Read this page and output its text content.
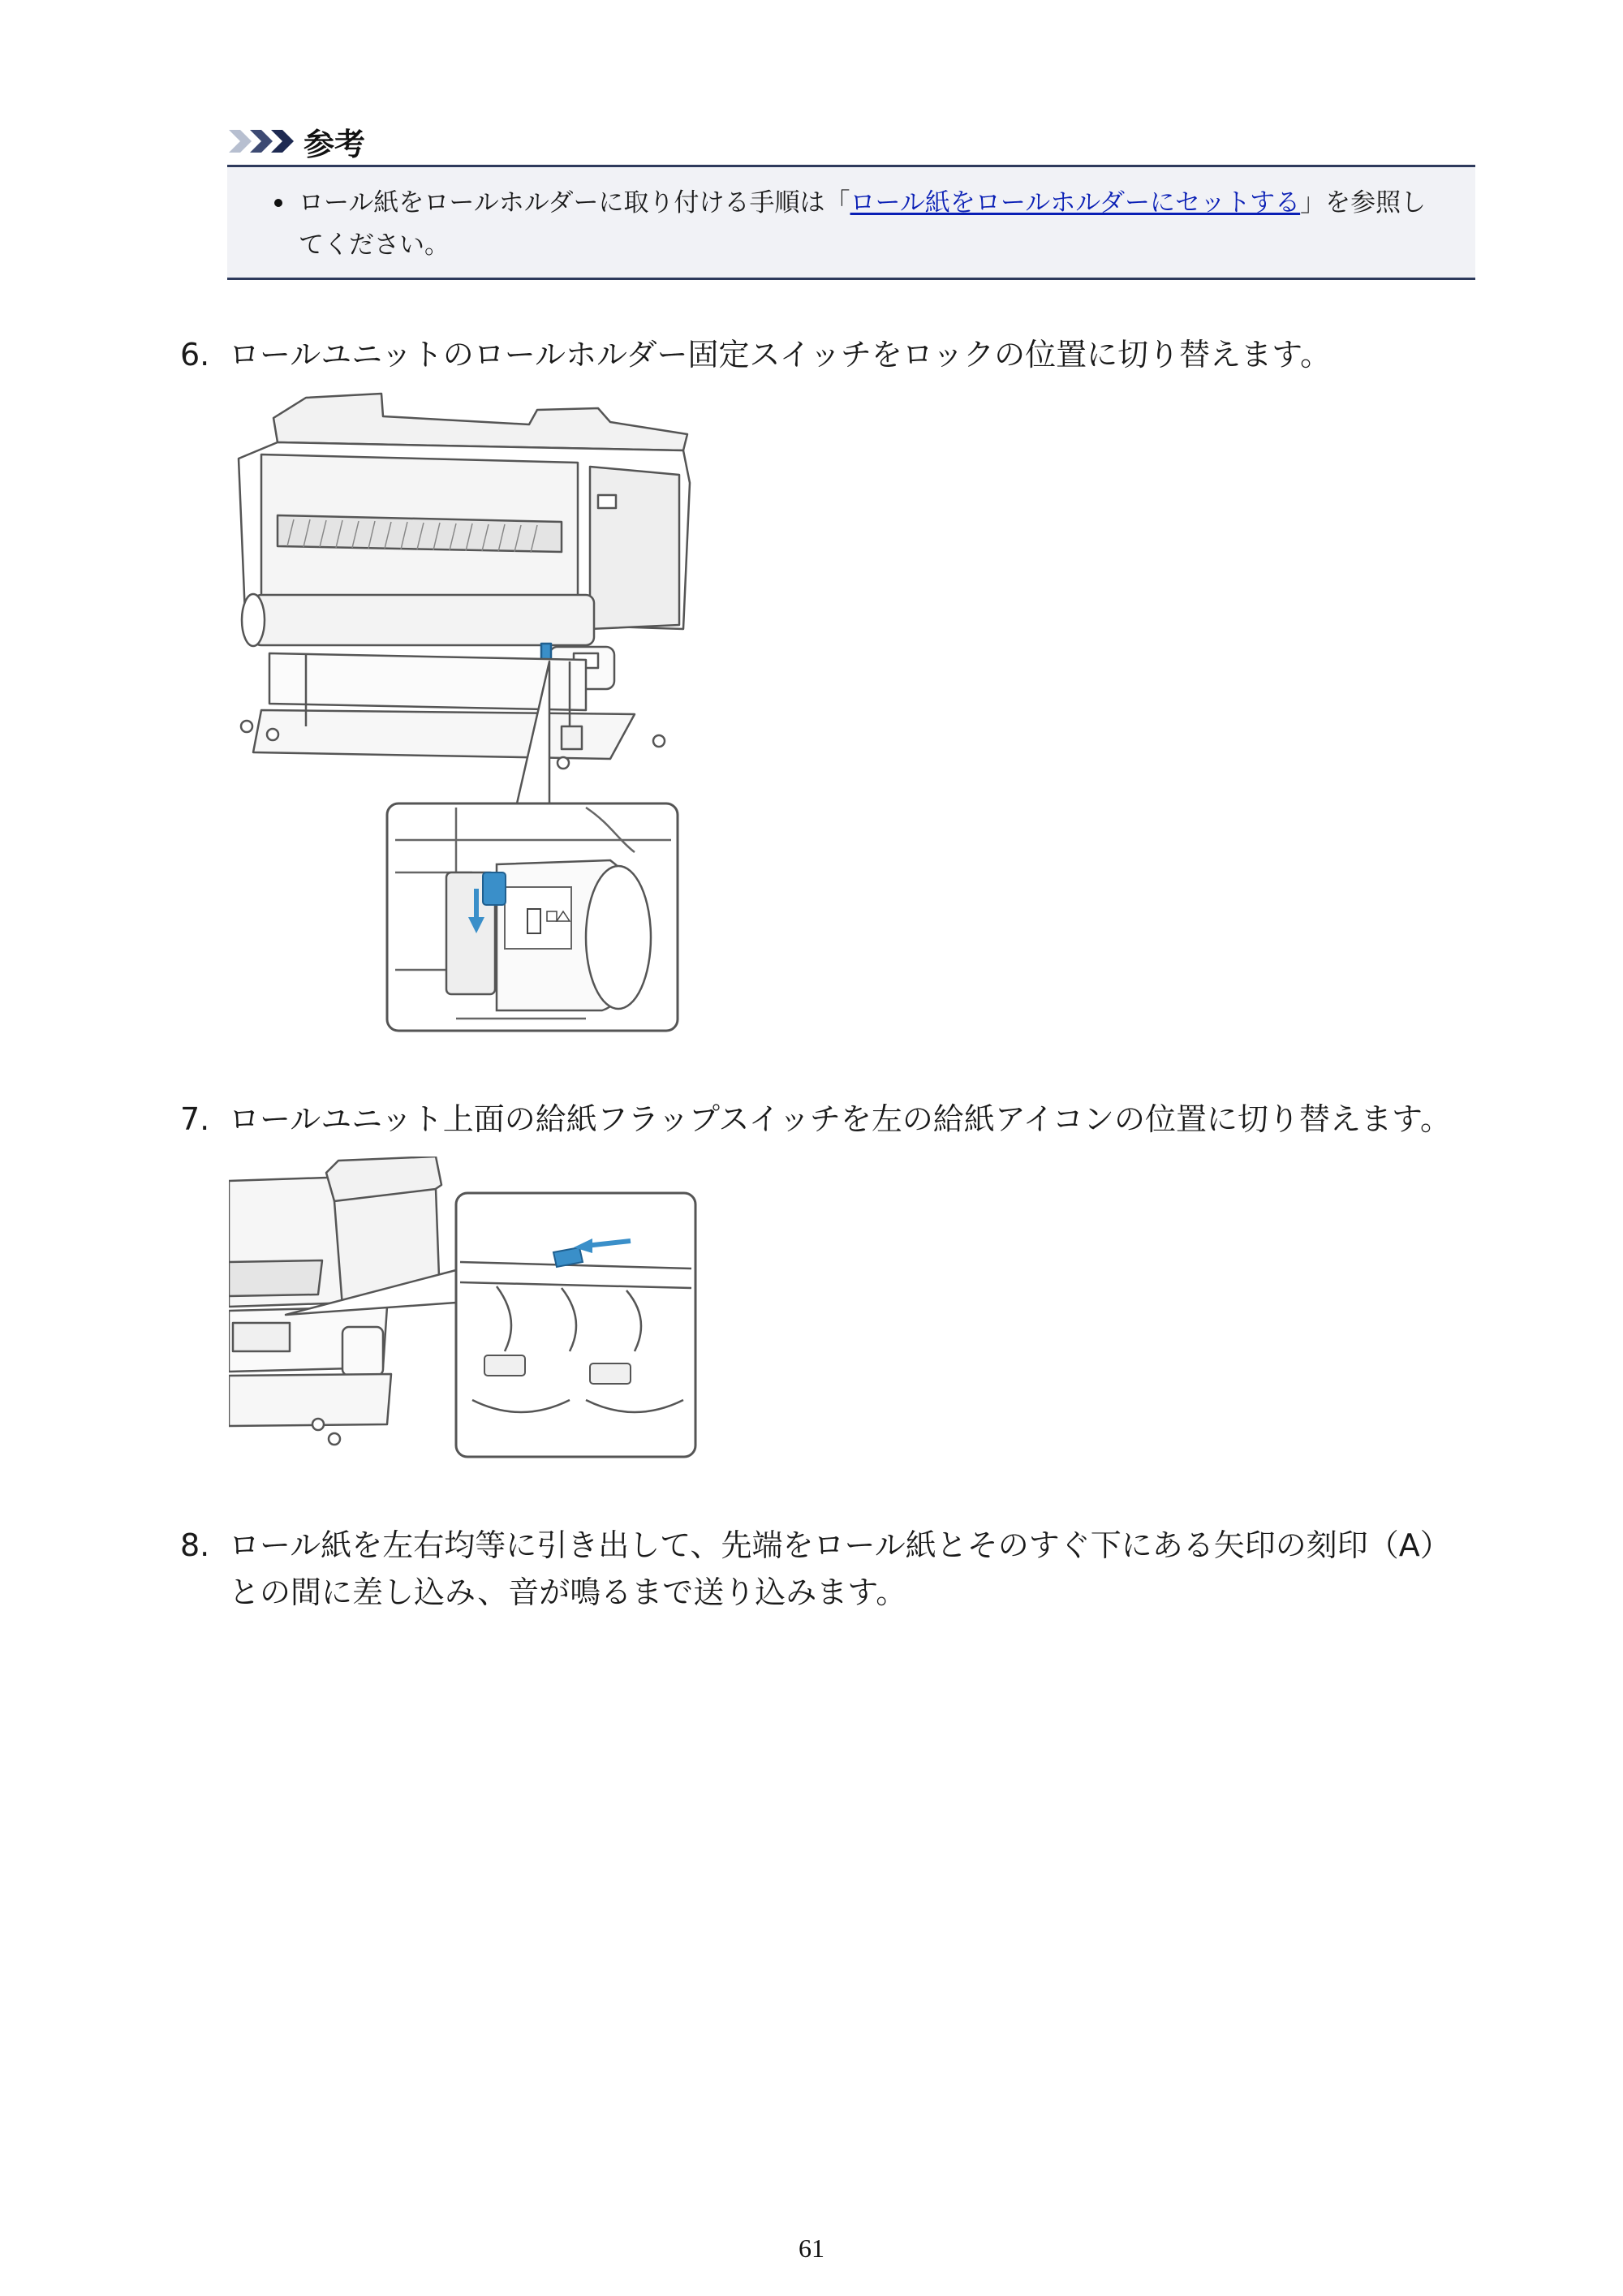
参考
ロール紙をロールホルダーに取り付ける手順は「ロール紙をロールホルダーにセットする」を参照してください。
6. ロールユニットのロールホルダー固定スイッチをロックの位置に切り替えます。
7. ロールユニット上面の給紙フラップスイッチを左の給紙アイコンの位置に切り替えます。
8. ロール紙を左右均等に引き出して、先端をロール紙とそのすぐ下にある矢印の刻印（A）との間に差し込み、音が鳴るまで送り込みます。
61
